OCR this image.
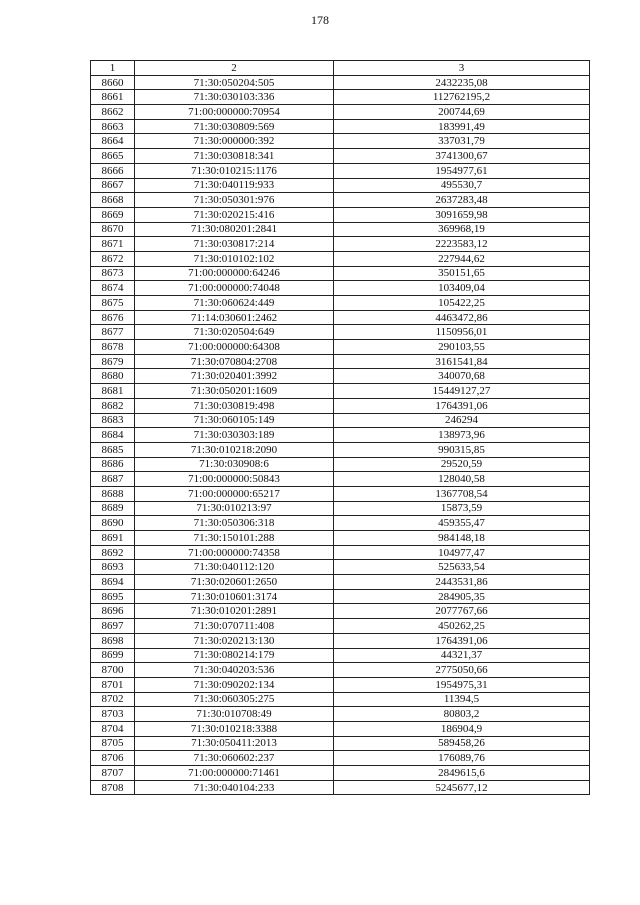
178
1	2	3
8660	71:30:050204:505	2432235,08
8661	71:30:030103:336	112762195,2
8662	71:00:000000:70954	200744,69
8663	71:30:030809:569	183991,49
8664	71:30:000000:392	337031,79
8665	71:30:030818:341	3741300,67
8666	71:30:010215:1176	1954977,61
8667	71:30:040119:933	495530,7
8668	71:30:050301:976	2637283,48
8669	71:30:020215:416	3091659,98
8670	71:30:080201:2841	369968,19
8671	71:30:030817:214	2223583,12
8672	71:30:010102:102	227944,62
8673	71:00:000000:64246	350151,65
8674	71:00:000000:74048	103409,04
8675	71:30:060624:449	105422,25
8676	71:14:030601:2462	4463472,86
8677	71:30:020504:649	1150956,01
8678	71:00:000000:64308	290103,55
8679	71:30:070804:2708	3161541,84
8680	71:30:020401:3992	340070,68
8681	71:30:050201:1609	15449127,27
8682	71:30:030819:498	1764391,06
8683	71:30:060105:149	246294
8684	71:30:030303:189	138973,96
8685	71:30:010218:2090	990315,85
8686	71:30:030908:6	29520,59
8687	71:00:000000:50843	128040,58
8688	71:00:000000:65217	1367708,54
8689	71:30:010213:97	15873,59
8690	71:30:050306:318	459355,47
8691	71:30:150101:288	984148,18
8692	71:00:000000:74358	104977,47
8693	71:30:040112:120	525633,54
8694	71:30:020601:2650	2443531,86
8695	71:30:010601:3174	284905,35
8696	71:30:010201:2891	2077767,66
8697	71:30:070711:408	450262,25
8698	71:30:020213:130	1764391,06
8699	71:30:080214:179	44321,37
8700	71:30:040203:536	2775050,66
8701	71:30:090202:134	1954975,31
8702	71:30:060305:275	11394,5
8703	71:30:010708:49	80803,2
8704	71:30:010218:3388	186904,9
8705	71:30:050411:2013	589458,26
8706	71:30:060602:237	176089,76
8707	71:00:000000:71461	2849615,6
8708	71:30:040104:233	5245677,12
